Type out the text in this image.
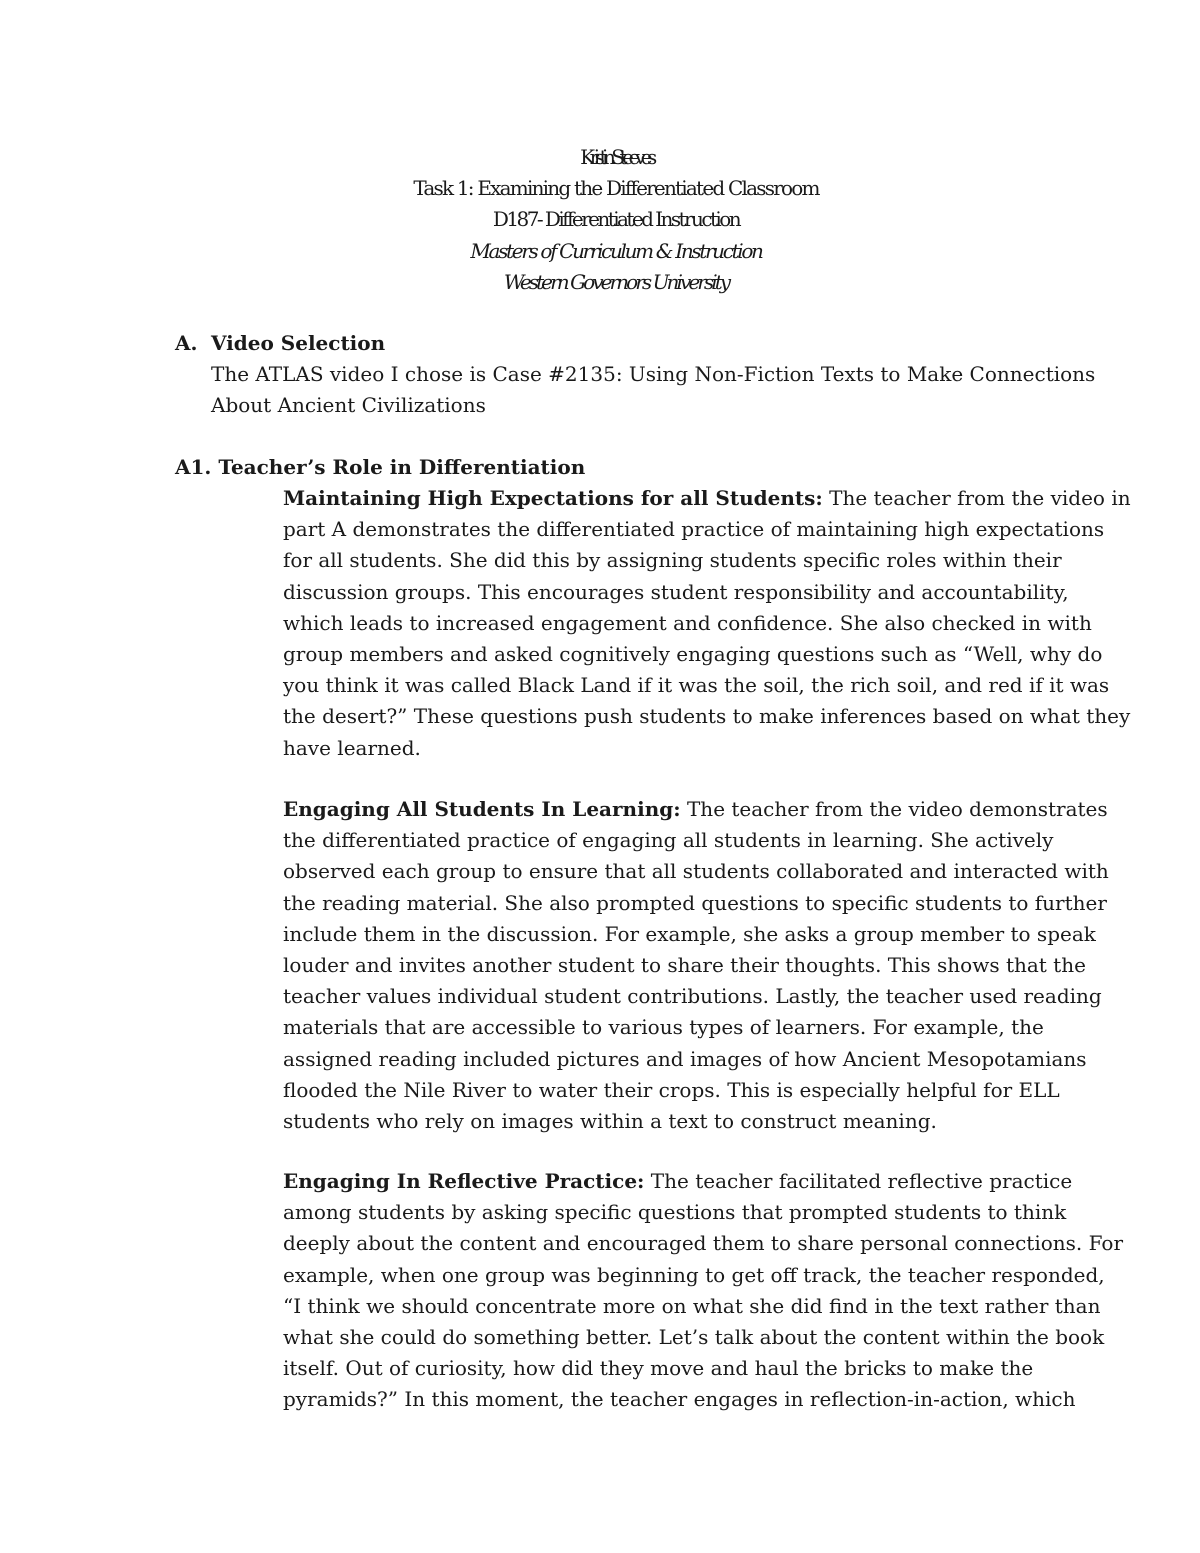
Kristin Steeves
Task 1: Examining the Differentiated Classroom
D187- Differentiated Instruction
Masters of Curriculum & Instruction
Western Governors University
A. Video Selection
The ATLAS video I chose is Case #2135: Using Non-Fiction Texts to Make Connections
About Ancient Civilizations
A1. Teacher’s Role in Differentiation
Maintaining High Expectations for all Students: The teacher from the video in
part A demonstrates the differentiated practice of maintaining high expectations
for all students. She did this by assigning students specific roles within their
discussion groups. This encourages student responsibility and accountability,
which leads to increased engagement and confidence. She also checked in with
group members and asked cognitively engaging questions such as “Well, why do
you think it was called Black Land if it was the soil, the rich soil, and red if it was
the desert?” These questions push students to make inferences based on what they
have learned.
Engaging All Students In Learning: The teacher from the video demonstrates
the differentiated practice of engaging all students in learning. She actively
observed each group to ensure that all students collaborated and interacted with
the reading material. She also prompted questions to specific students to further
include them in the discussion. For example, she asks a group member to speak
louder and invites another student to share their thoughts. This shows that the
teacher values individual student contributions. Lastly, the teacher used reading
materials that are accessible to various types of learners. For example, the
assigned reading included pictures and images of how Ancient Mesopotamians
flooded the Nile River to water their crops. This is especially helpful for ELL
students who rely on images within a text to construct meaning.
Engaging In Reflective Practice: The teacher facilitated reflective practice
among students by asking specific questions that prompted students to think
deeply about the content and encouraged them to share personal connections. For
example, when one group was beginning to get off track, the teacher responded,
“I think we should concentrate more on what she did find in the text rather than
what she could do something better. Let’s talk about the content within the book
itself. Out of curiosity, how did they move and haul the bricks to make the
pyramids?” In this moment, the teacher engages in reflection-in-action, which
